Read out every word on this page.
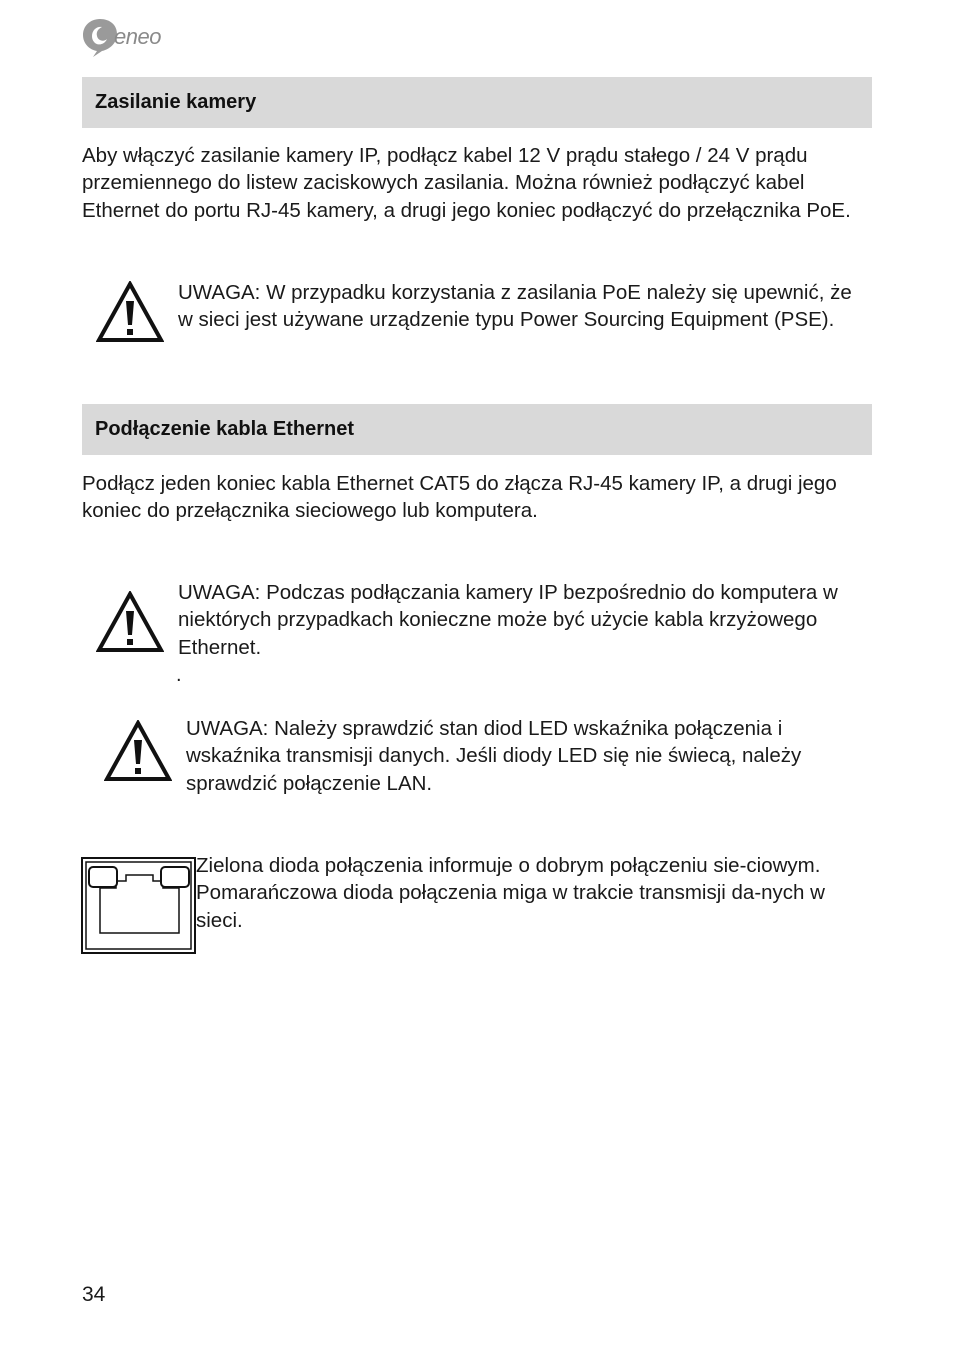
eneo
Zasilanie kamery

Aby włączyć zasilanie kamery IP, podłącz kabel 12 V prądu stałego / 24 V prądu przemiennego do listew zaciskowych zasilania. Można również podłączyć kabel Ethernet do portu RJ-45 kamery, a drugi jego koniec podłączyć do przełącznika PoE.

UWAGA: W przypadku korzystania z zasilania PoE należy się upewnić, że w sieci jest używane urządzenie typu Power Sourcing Equipment (PSE).

Podłączenie kabla Ethernet

Podłącz jeden koniec kabla Ethernet CAT5 do złącza RJ-45 kamery IP, a drugi jego koniec do przełącznika sieciowego lub komputera.

UWAGA: Podczas podłączania kamery IP bezpośrednio do komputera w niektórych przypadkach konieczne może być użycie kabla krzyżowego Ethernet.

.

UWAGA: Należy sprawdzić stan diod LED wskaźnika połączenia i wskaźnika transmisji danych. Jeśli diody LED się nie świecą, należy sprawdzić połączenie LAN.

Zielona dioda połączenia informuje o dobrym połączeniu sie-ciowym.
Pomarańczowa dioda połączenia miga w trakcie transmisji da-nych w sieci.
34
